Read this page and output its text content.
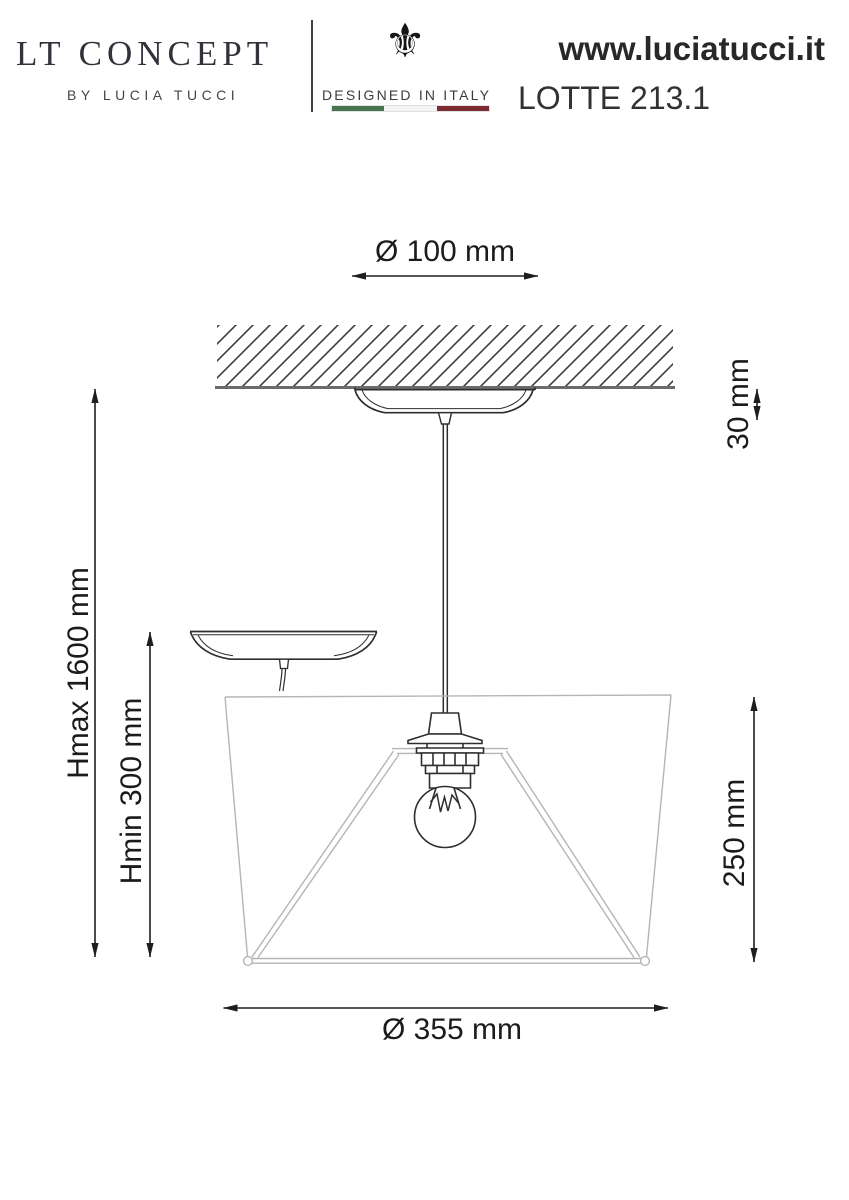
LT CONCEPT
BY LUCIA TUCCI
⚜
DESIGNED IN ITALY
www.luciatucci.it
LOTTE 213.1
Ø 100 mm
30 mm
Hmax 1600 mm
Hmin 300 mm	250 mm
Ø 355 mm
